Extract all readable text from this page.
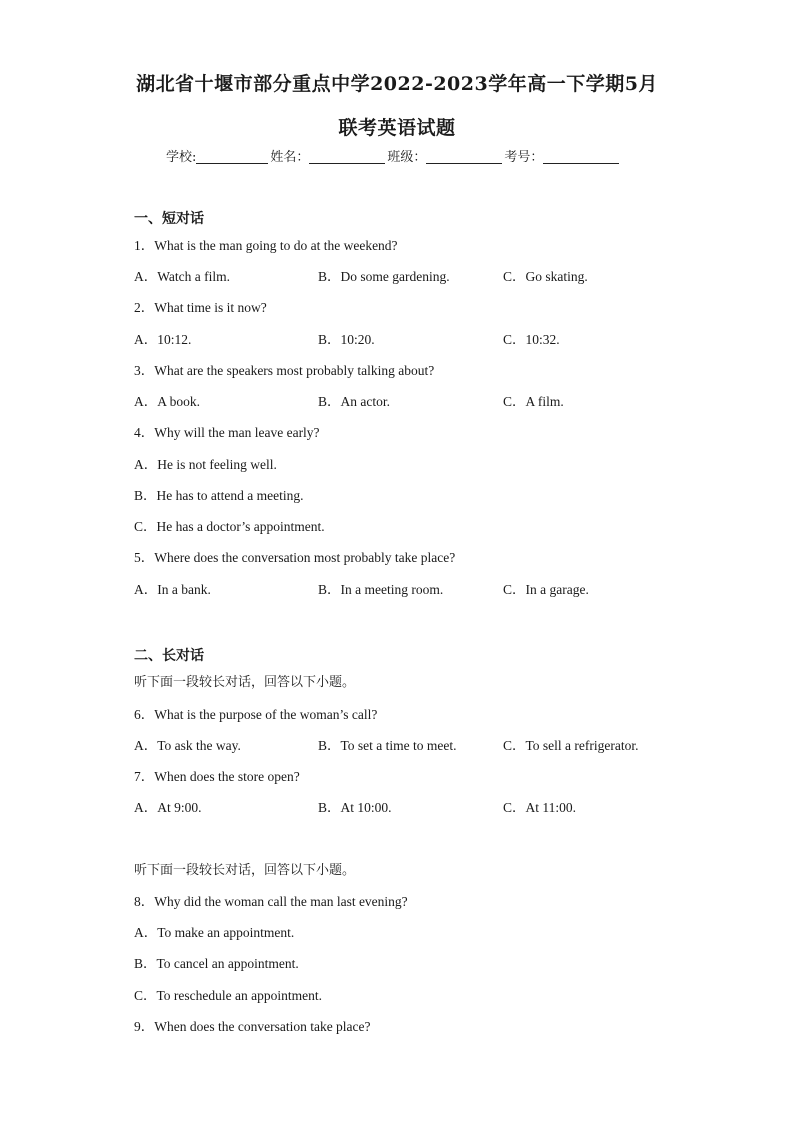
湖北省十堰市部分重点中学2022-2023学年高一下学期5月
联考英语试题
学校:	姓名：	班级：	考号：
一、短对话
1．What is the man going to do at the weekend?
A．Watch a film.	B．Do some gardening.	C．Go skating.
2．What time is it now?
A．10:12.	B．10:20.	C．10:32.
3．What are the speakers most probably talking about?
A．A book.	B．An actor.	C．A film.
4．Why will the man leave early?
A．He is not feeling well.
B．He has to attend a meeting.
C．He has a doctor’s appointment.
5．Where does the conversation most probably take place?
A．In a bank.	B．In a meeting room.	C．In a garage.
二、长对话
听下面一段较长对话，回答以下小题。
6．What is the purpose of the woman’s call?
A．To ask the way.	B．To set a time to meet.	C．To sell a refrigerator.
7．When does the store open?
A．At 9:00.	B．At 10:00.	C．At 11:00.
听下面一段较长对话，回答以下小题。
8．Why did the woman call the man last evening?
A．To make an appointment.
B．To cancel an appointment.
C．To reschedule an appointment.
9．When does the conversation take place?
